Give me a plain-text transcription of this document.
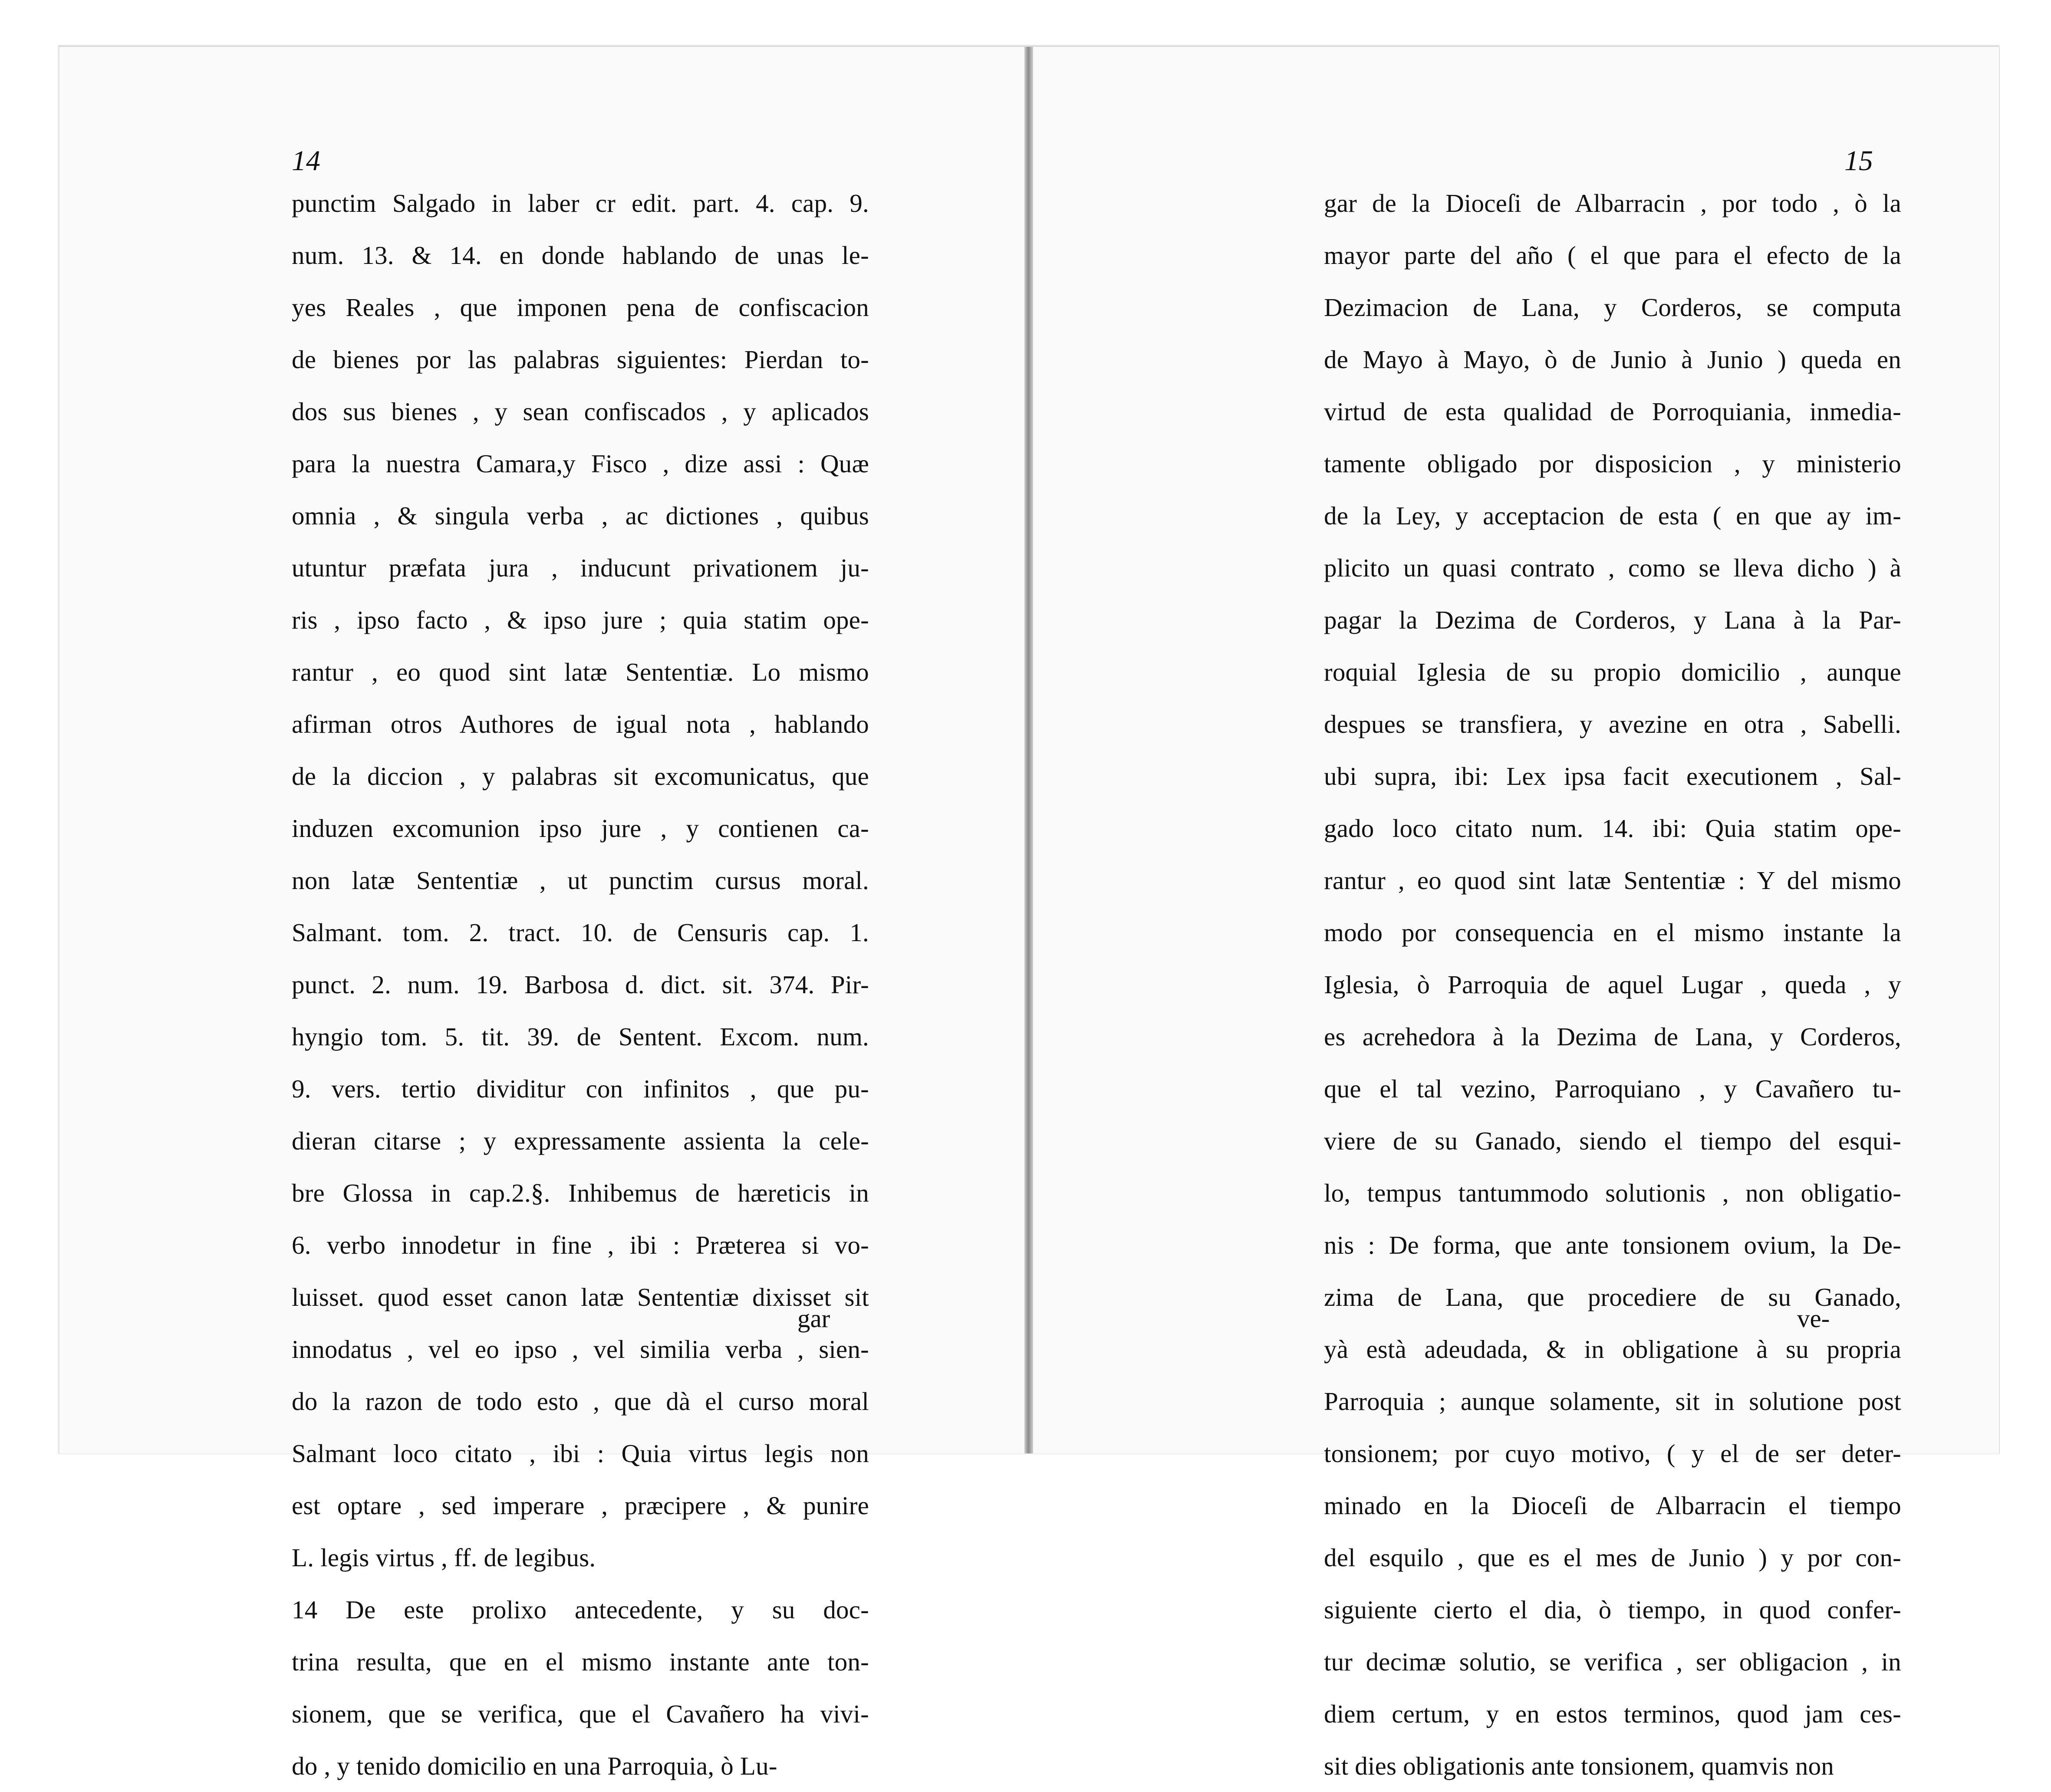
14
punctim Salgado in laber cr edit. part. 4. cap. 9.
num. 13. & 14. en donde hablando de unas le-
yes Reales , que imponen pena de confiscacion
de bienes por las palabras siguientes: Pierdan to-
dos sus bienes , y sean confiscados , y aplicados
para la nuestra Camara,y Fisco , dize assi : Quæ
omnia , & singula verba , ac dictiones , quibus
utuntur præfata jura , inducunt privationem ju-
ris , ipso facto , & ipso jure ; quia statim ope-
rantur , eo quod sint latæ Sententiæ. Lo mismo
afirman otros Authores de igual nota , hablando
de la diccion , y palabras sit excomunicatus, que
induzen excomunion ipso jure , y contienen ca-
non latæ Sententiæ , ut punctim cursus moral.
Salmant. tom. 2. tract. 10. de Censuris cap. 1.
punct. 2. num. 19. Barbosa d. dict. sit. 374. Pir-
hyngio tom. 5. tit. 39. de Sentent. Excom. num.
9. vers. tertio dividitur con infinitos , que pu-
dieran citarse ; y expressamente assienta la cele-
bre Glossa in cap.2.§. Inhibemus de hæreticis in
6. verbo innodetur in fine , ibi : Præterea si vo-
luisset. quod esset canon latæ Sententiæ dixisset sit
innodatus , vel eo ipso , vel similia verba , sien-
do la razon de todo esto , que dà el curso moral
Salmant loco citato , ibi : Quia virtus legis non
est optare , sed imperare , præcipere , & punire
L. legis virtus , ff. de legibus.
14 De este prolixo antecedente, y su doc-
trina resulta, que en el mismo instante ante ton-
sionem, que se verifica, que el Cavañero ha vivi-
do , y tenido domicilio en una Parroquia, ò Lu-
gar
15
gar de la Dioceſi de Albarracin , por todo , ò la
mayor parte del año ( el que para el efecto de la
Dezimacion de Lana, y Corderos, se computa
de Mayo à Mayo, ò de Junio à Junio ) queda en
virtud de esta qualidad de Porroquiania, inmedia-
tamente obligado por disposicion , y ministerio
de la Ley, y acceptacion de esta ( en que ay im-
plicito un quasi contrato , como se lleva dicho ) à
pagar la Dezima de Corderos, y Lana à la Par-
roquial Iglesia de su propio domicilio , aunque
despues se transfiera, y avezine en otra , Sabelli.
ubi supra, ibi: Lex ipsa facit executionem , Sal-
gado loco citato num. 14. ibi: Quia statim ope-
rantur , eo quod sint latæ Sententiæ : Y del mismo
modo por consequencia en el mismo instante la
Iglesia, ò Parroquia de aquel Lugar , queda , y
es acrehedora à la Dezima de Lana, y Corderos,
que el tal vezino, Parroquiano , y Cavañero tu-
viere de su Ganado, siendo el tiempo del esqui-
lo, tempus tantummodo solutionis , non obligatio-
nis : De forma, que ante tonsionem ovium, la De-
zima de Lana, que procediere de su Ganado,
yà està adeudada, & in obligatione à su propria
Parroquia ; aunque solamente, sit in solutione post
tonsionem; por cuyo motivo, ( y el de ser deter-
minado en la Dioceſi de Albarracin el tiempo
del esquilo , que es el mes de Junio ) y por con-
siguiente cierto el dia, ò tiempo, in quod confer-
tur decimæ solutio, se verifica , ser obligacion , in
diem certum, y en estos terminos, quod jam ces-
sit dies obligationis ante tonsionem, quamvis non
ve-
